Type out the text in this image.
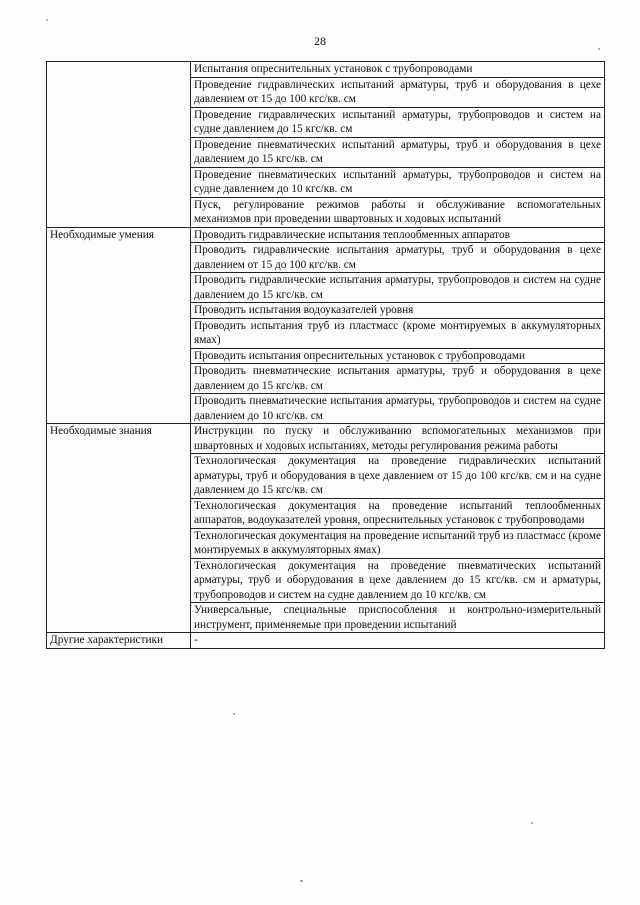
28
	Испытания опреснительных установок с трубопроводами
	Проведение гидравлических испытаний арматуры, труб и оборудования в цехе давлением от 15 до 100 кгс/кв. см
	Проведение гидравлических испытаний арматуры, трубопроводов и систем на судне давлением до 15 кгс/кв. см
	Проведение пневматических испытаний арматуры, труб и оборудования в цехе давлением до 15 кгс/кв. см
	Проведение пневматических испытаний арматуры, трубопроводов и систем на судне давлением до 10 кгс/кв. см
	Пуск, регулирование режимов работы и обслуживание вспомогательных механизмов при проведении швартовных и ходовых испытаний
Необходимые умения	Проводить гидравлические испытания теплообменных аппаратов
	Проводить гидравлические испытания арматуры, труб и оборудования в цехе давлением от 15 до 100 кгс/кв. см
	Проводить гидравлические испытания арматуры, трубопроводов и систем на судне давлением до 15 кгс/кв. см
	Проводить испытания водоуказателей уровня
	Проводить испытания труб из пластмасс (кроме монтируемых в аккумуляторных ямах)
	Проводить испытания опреснительных установок с трубопроводами
	Проводить пневматические испытания арматуры, труб и оборудования в цехе давлением до 15 кгс/кв. см
	Проводить пневматические испытания арматуры, трубопроводов и систем на судне давлением до 10 кгс/кв. см
Необходимые знания	Инструкции по пуску и обслуживанию вспомогательных механизмов при швартовных и ходовых испытаниях, методы регулирования режима работы
	Технологическая документация на проведение гидравлических испытаний арматуры, труб и оборудования в цехе давлением от 15 до 100 кгс/кв. см и на судне давлением до 15 кгс/кв. см
	Технологическая документация на проведение испытаний теплообменных аппаратов, водоуказателей уровня, опреснительных установок с трубопроводами
	Технологическая документация на проведение испытаний труб из пластмасс (кроме монтируемых в аккумуляторных ямах)
	Технологическая документация на проведение пневматических испытаний арматуры, труб и оборудования в цехе давлением до 15 кгс/кв. см и арматуры, трубопроводов и систем на судне давлением до 10 кгс/кв. см
	Универсальные, специальные приспособления и контрольно-измерительный инструмент, применяемые при проведении испытаний
Другие характеристики	-
